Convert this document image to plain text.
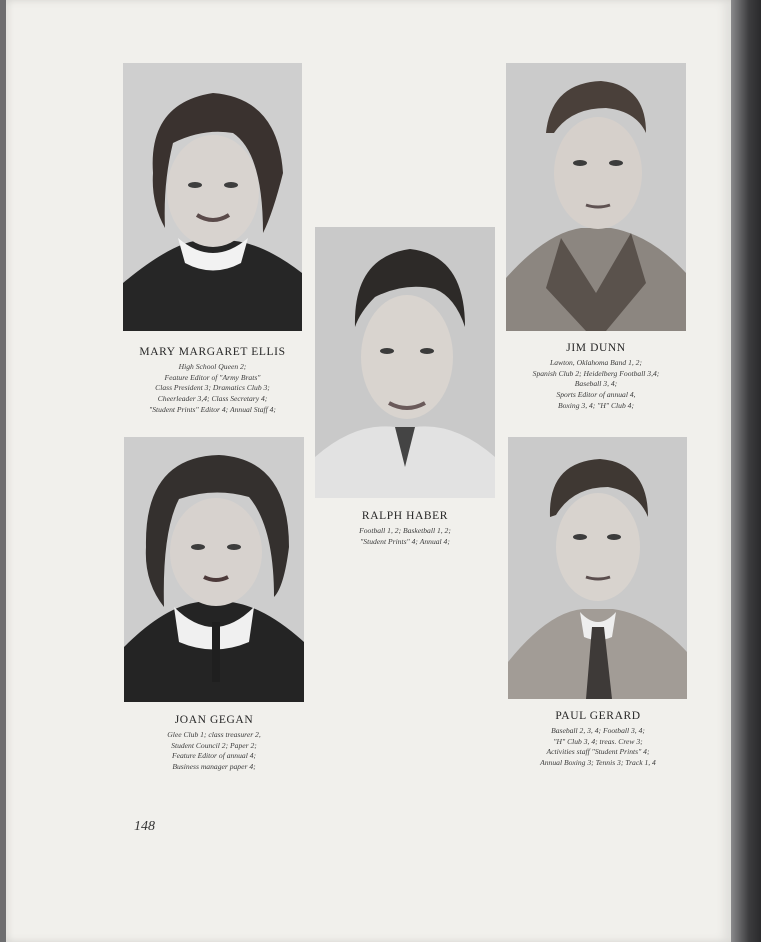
MARY MARGARET ELLIS
High School Queen 2;
Feature Editor of "Army Brats"
Class President 3; Dramatics Club 3;
Cheerleader 3,4; Class Secretary 4;
"Student Prints" Editor 4; Annual Staff 4;
RALPH HABER
Football 1, 2; Basketball 1, 2;
"Student Prints" 4; Annual 4;
JIM DUNN
Lawton, Oklahoma Band 1, 2;
Spanish Club 2; Heidelberg Football 3,4;
Baseball 3, 4;
Sports Editor of annual 4,
Boxing 3, 4; "H" Club 4;
JOAN GEGAN
Glee Club 1; class treasurer 2,
Student Council 2; Paper 2;
Feature Editor of annual 4;
Business manager paper 4;
PAUL GERARD
Baseball 2, 3, 4; Football 3, 4;
"H" Club 3, 4; treas. Crew 3;
Activities staff "Student Prints" 4;
Annual Boxing 3; Tennis 3; Track 1, 4
148
